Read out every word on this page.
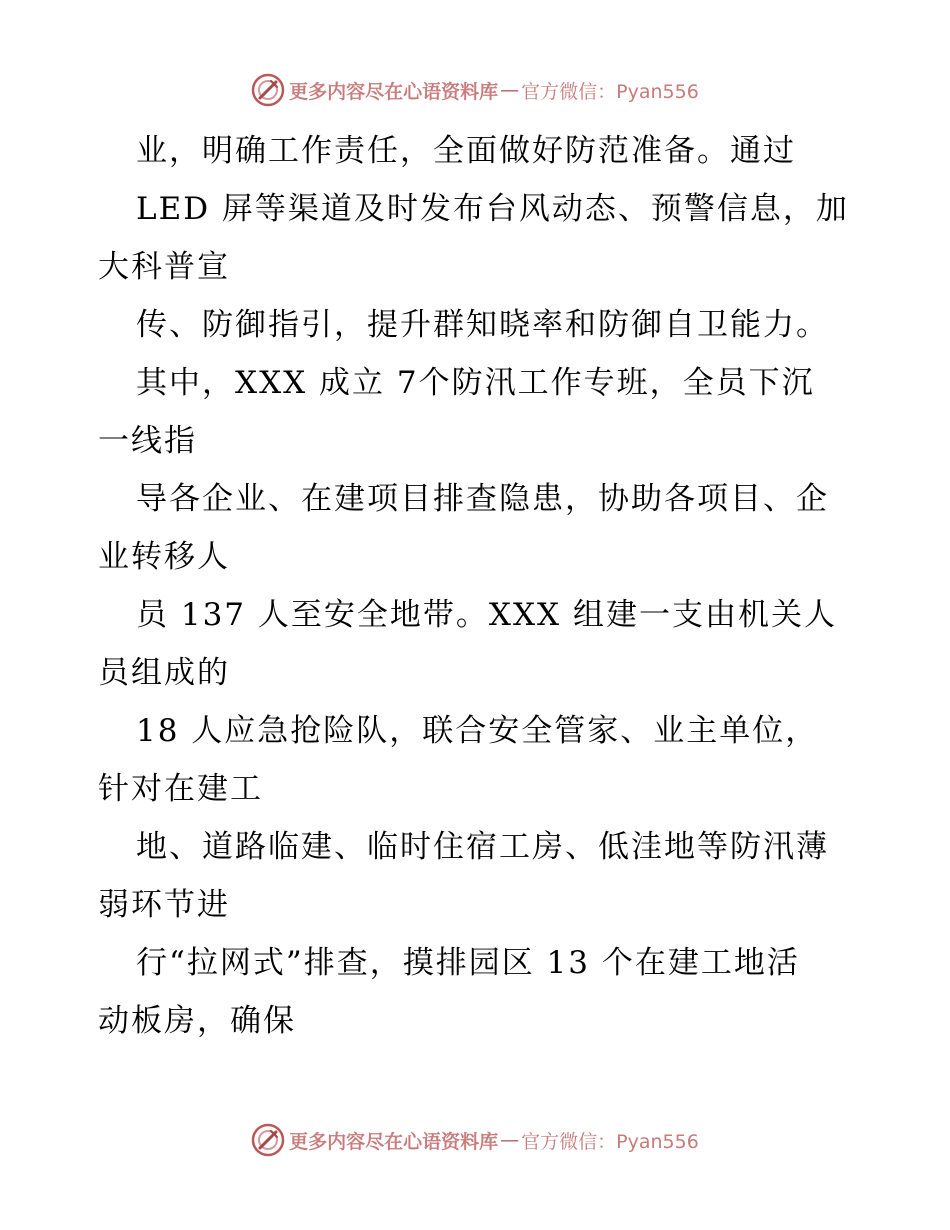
更多内容尽在心语资料库 — 官方微信：Pyan556
业，明确工作责任，全面做好防范准备。通过
LED 屏等渠道及时发布台风动态、预警信息，加
大科普宣
传、防御指引，提升群知晓率和防御自卫能力。
其中，XXX 成立 7个防汛工作专班，全员下沉
一线指
导各企业、在建项目排查隐患，协助各项目、企
业转移人
员 137 人至安全地带。XXX 组建一支由机关人
员组成的
18 人应急抢险队，联合安全管家、业主单位，
针对在建工
地、道路临建、临时住宿工房、低洼地等防汛薄
弱环节进
行“拉网式”排查，摸排园区 13 个在建工地活
动板房，确保
更多内容尽在心语资料库 — 官方微信：Pyan556
